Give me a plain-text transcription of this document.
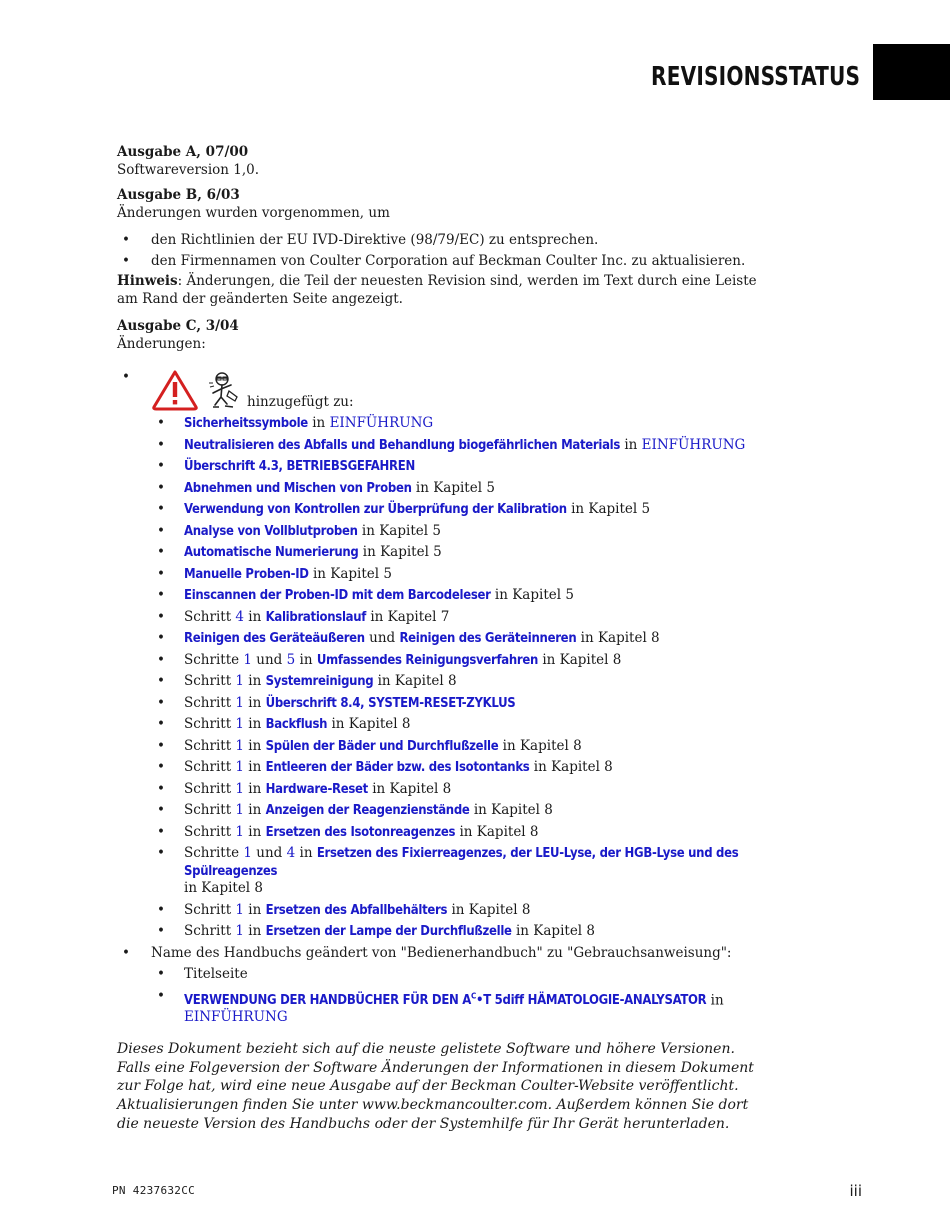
REVISIONSSTATUS
Ausgabe A, 07/00
Softwareversion 1,0.
Ausgabe B, 6/03
Änderungen wurden vorgenommen, um
• den Richtlinien der EU IVD-Direktive (98/79/EC) zu entsprechen.
• den Firmennamen von Coulter Corporation auf Beckman Coulter Inc. zu aktualisieren.
Hinweis: Änderungen, die Teil der neuesten Revision sind, werden im Text durch eine Leiste am Rand der geänderten Seite angezeigt.
Ausgabe C, 3/04
Änderungen:
• hinzugefügt zu:
• Sicherheitssymbole in EINFÜHRUNG
• Neutralisieren des Abfalls und Behandlung biogefährlichen Materials in EINFÜHRUNG
• Überschrift 4.3, BETRIEBSGEFAHREN
• Abnehmen und Mischen von Proben in Kapitel 5
• Verwendung von Kontrollen zur Überprüfung der Kalibration in Kapitel 5
• Analyse von Vollblutproben in Kapitel 5
• Automatische Numerierung in Kapitel 5
• Manuelle Proben-ID in Kapitel 5
• Einscannen der Proben-ID mit dem Barcodeleser in Kapitel 5
• Schritt 4 in Kalibrationslauf in Kapitel 7
• Reinigen des Geräteäußeren und Reinigen des Geräteinneren in Kapitel 8
• Schritte 1 und 5 in Umfassendes Reinigungsverfahren in Kapitel 8
• Schritt 1 in Systemreinigung in Kapitel 8
• Schritt 1 in Überschrift 8.4, SYSTEM-RESET-ZYKLUS
• Schritt 1 in Backflush in Kapitel 8
• Schritt 1 in Spülen der Bäder und Durchflußzelle in Kapitel 8
• Schritt 1 in Entleeren der Bäder bzw. des Isotontanks in Kapitel 8
• Schritt 1 in Hardware-Reset in Kapitel 8
• Schritt 1 in Anzeigen der Reagenzienstände in Kapitel 8
• Schritt 1 in Ersetzen des Isotonreagenzes in Kapitel 8
• Schritte 1 und 4 in Ersetzen des Fixierreagenzes, der LEU-Lyse, der HGB-Lyse und des Spülreagenzes
in Kapitel 8
• Schritt 1 in Ersetzen des Abfallbehälters in Kapitel 8
• Schritt 1 in Ersetzen der Lampe der Durchflußzelle in Kapitel 8
• Name des Handbuchs geändert von "Bedienerhandbuch" zu "Gebrauchsanweisung":
• Titelseite
• VERWENDUNG DER HANDBÜCHER FÜR DEN $A^C•T$ 5diff HÄMATOLOGIE-ANALYSATOR in
EINFÜHRUNG
Dieses Dokument bezieht sich auf die neuste gelistete Software und höhere Versionen. Falls eine Folgeversion der Software Änderungen der Informationen in diesem Dokument zur Folge hat, wird eine neue Ausgabe auf der Beckman Coulter-Website veröffentlicht. Aktualisierungen finden Sie unter www.beckmancoulter.com. Außerdem können Sie dort die neueste Version des Handbuchs oder der Systemhilfe für Ihr Gerät herunterladen.
PN 4237632CC	iii
